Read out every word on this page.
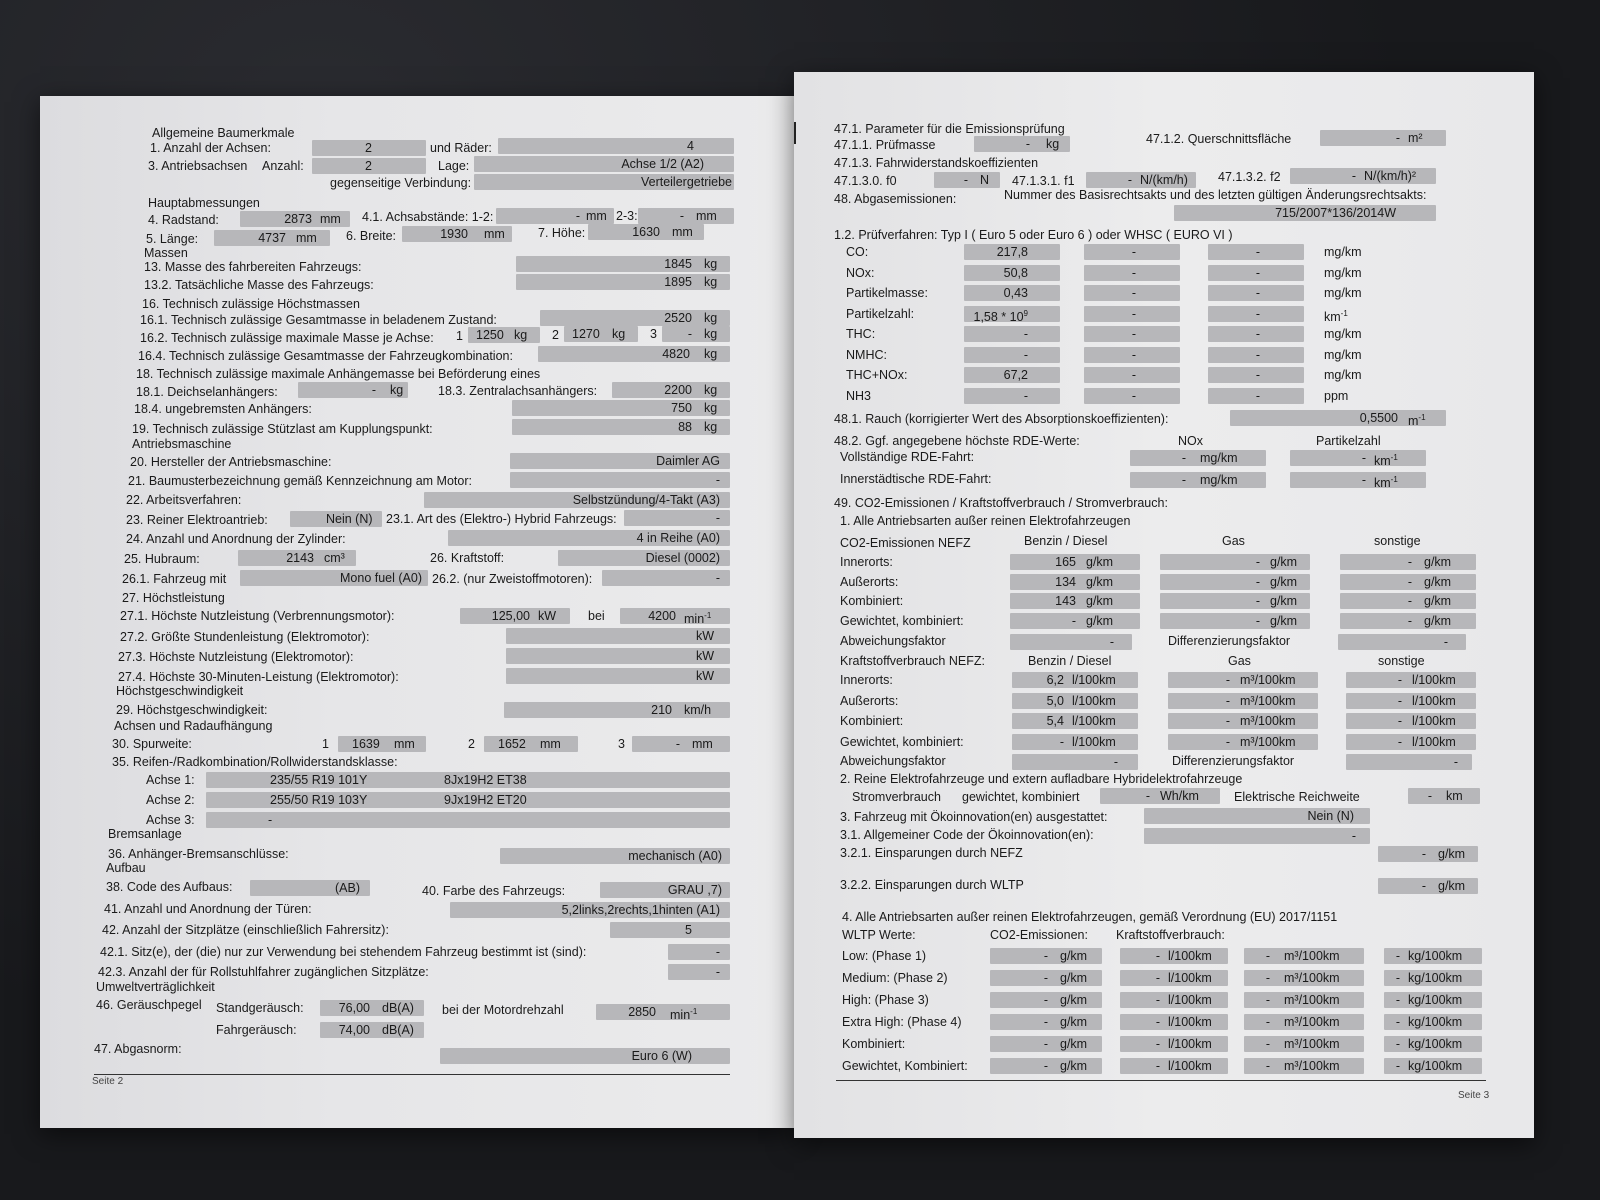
Allgemeine Baumerkmale
1. Anzahl der Achsen:	2	und Räder:	4
3. Antriebsachsen Anzahl:	2	Lage:	Achse 1/2 (A2)
gegenseitige Verbindung:	Verteilergetriebe
Hauptabmessungen
4. Radstand:	2873 mm 4.1. Achsabstände: 1-2:	- mm 2-3:	- mm
5. Länge:	4737 mm 6. Breite:	1930 mm	7. Höhe:	1630 mm
Massen
13. Masse des fahrbereiten Fahrzeugs:	1845 kg
13.2. Tatsächliche Masse des Fahrzeugs:	1895 kg
16. Technisch zulässige Höchstmassen
16.1. Technisch zulässige Gesamtmasse in beladenem Zustand:	2520 kg
16.2. Technisch zulässige maximale Masse je Achse: 1 1250 kg 2 1270 kg 3	- kg
16.4. Technisch zulässige Gesamtmasse der Fahrzeugkombination:	4820 kg
18. Technisch zulässige maximale Anhängemasse bei Beförderung eines
18.1. Deichselanhängers:	- kg	18.3. Zentralachsanhängers:	2200 kg
18.4. ungebremsten Anhängers:	750 kg
19. Technisch zulässige Stützlast am Kupplungspunkt:	88 kg
Antriebsmaschine
20. Hersteller der Antriebsmaschine:	Daimler AG
21. Baumusterbezeichnung gemäß Kennzeichnung am Motor:	-
22. Arbeitsverfahren:	Selbstzündung/4-Takt (A3)
23. Reiner Elektroantrieb:	Nein (N) 23.1. Art des (Elektro-) Hybrid Fahrzeugs:	-
24. Anzahl und Anordnung der Zylinder:	4 in Reihe (A0)
25. Hubraum:	2143 cm³	26. Kraftstoff:	Diesel (0002)
26.1. Fahrzeug mit	Mono fuel (A0) 26.2. (nur Zweistoffmotoren):	-
27. Höchstleistung
27.1. Höchste Nutzleistung (Verbrennungsmotor):	125,00 kW	bei	4200 $\min^{-1}$
27.2. Größte Stundenleistung (Elektromotor):	kW
27.3. Höchste Nutzleistung (Elektromotor):	kW
27.4. Höchste 30-Minuten-Leistung (Elektromotor):	kW
Höchstgeschwindigkeit
29. Höchstgeschwindigkeit:	210 km/h
Achsen und Radaufhängung
30. Spurweite:	1 1639 mm	2 1652 mm	3	- mm
35. Reifen-/Radkombination/Rollwiderstandsklasse:
Achse 1:	235/55 R19 101Y	8Jx19H2 ET38
Achse 2:	255/50 R19 103Y	9Jx19H2 ET20
Achse 3:	-
Bremsanlage
36. Anhänger-Bremsanschlüsse:	mechanisch (A0)
Aufbau
38. Code des Aufbaus:	(AB)	40. Farbe des Fahrzeugs:	GRAU ,7)
41. Anzahl und Anordnung der Türen:	5,2links,2rechts,1hinten (A1)
42. Anzahl der Sitzplätze (einschließlich Fahrersitz):	5
42.1. Sitz(e), der (die) nur zur Verwendung bei stehendem Fahrzeug bestimmt ist (sind):	-
42.3. Anzahl der für Rollstuhlfahrer zugänglichen Sitzplätze:	-
Umweltverträglichkeit
46. Geräuschpegel Standgeräusch:	76,00 dB(A) bei der Motordrehzahl	2850 $\min^{-1}$
Fahrgeräusch:	74,00 dB(A)
47. Abgasnorm:	Euro 6 (W)
Seite 2
47.1. Parameter für die Emissionsprüfung
47.1.1. Prüfmasse	- kg	47.1.2. Querschnittsfläche	- m²
47.1.3. Fahrwiderstandskoeffizienten
47.1.3.0. f0	- N 47.1.3.1. f1	- N/(km/h) 47.1.3.2. f2	- N/(km/h)²
48. Abgasemissionen:	Nummer des Basisrechtsakts und des letzten gültigen Änderungsrechtsakts:
715/2007*136/2014W
1.2. Prüfverfahren: Typ I ( Euro 5 oder Euro 6 ) oder WHSC ( EURO VI )
48.1. Rauch (korrigierter Wert des Absorptionskoeffizienten):	0,5500 $m^{-1}$
48.2. Ggf. angegebene höchste RDE-Werte:	NOx	Partikelzahl
Vollständige RDE-Fahrt:	- mg/km	- $km^{-1}$
Innerstädtische RDE-Fahrt:	- mg/km	- $km^{-1}$
49. CO2-Emissionen / Kraftstoffverbrauch / Stromverbrauch:
1. Alle Antriebsarten außer reinen Elektrofahrzeugen
CO2-Emissionen NEFZ	Benzin / Diesel	Gas	sonstige
Abweichungsfaktor	-	Differenzierungsfaktor	-
Kraftstoffverbrauch NEFZ:	Benzin / Diesel	Gas	sonstige
Abweichungsfaktor	-	Differenzierungsfaktor	-
2. Reine Elektrofahrzeuge und extern aufladbare Hybridelektrofahrzeuge
Stromverbrauch gewichtet, kombiniert	- Wh/km	Elektrische Reichweite	- km
3. Fahrzeug mit Ökoinnovation(en) ausgestattet:	Nein (N)
3.1. Allgemeiner Code der Ökoinnovation(en):	-
3.2.1. Einsparungen durch NEFZ	- g/km
3.2.2. Einsparungen durch WLTP	- g/km
4. Alle Antriebsarten außer reinen Elektrofahrzeugen, gemäß Verordnung (EU) 2017/1151
WLTP Werte:	CO2-Emissionen: Kraftstoffverbrauch:
Seite 3
CO:	217,8	-	-	mg/km
NOx:	50,8	-	-	mg/km
Partikelmasse:	0,43	-	-	mg/km
Partikelzahl:	$1,58 * 10^9$	-	-	$km^{-1}$
THC:	-	-	-	mg/km
NMHC:	-	-	-	mg/km
THC+NOx:	67,2	-	-	mg/km
NH3	-	-	-	ppm
Innerorts:	165 g/km	- g/km	- g/km
Außerorts:	134 g/km	- g/km	- g/km
Kombiniert:	143 g/km	- g/km	- g/km
Gewichtet, kombiniert:	- g/km	- g/km	- g/km
Innerorts:	6,2 l/100km	- m³/100km	- l/100km
Außerorts:	5,0 l/100km	- m³/100km	- l/100km
Kombiniert:	5,4 l/100km	- m³/100km	- l/100km
Gewichtet, kombiniert:	- l/100km	- m³/100km	- l/100km
Low: (Phase 1)	- g/km	- l/100km	- m³/100km	- kg/100km
Medium: (Phase 2)	- g/km	- l/100km	- m³/100km	- kg/100km
High: (Phase 3)	- g/km	- l/100km	- m³/100km	- kg/100km
Extra High: (Phase 4)	- g/km	- l/100km	- m³/100km	- kg/100km
Kombiniert:	- g/km	- l/100km	- m³/100km	- kg/100km
Gewichtet, Kombiniert:	- g/km	- l/100km	- m³/100km	- kg/100km
